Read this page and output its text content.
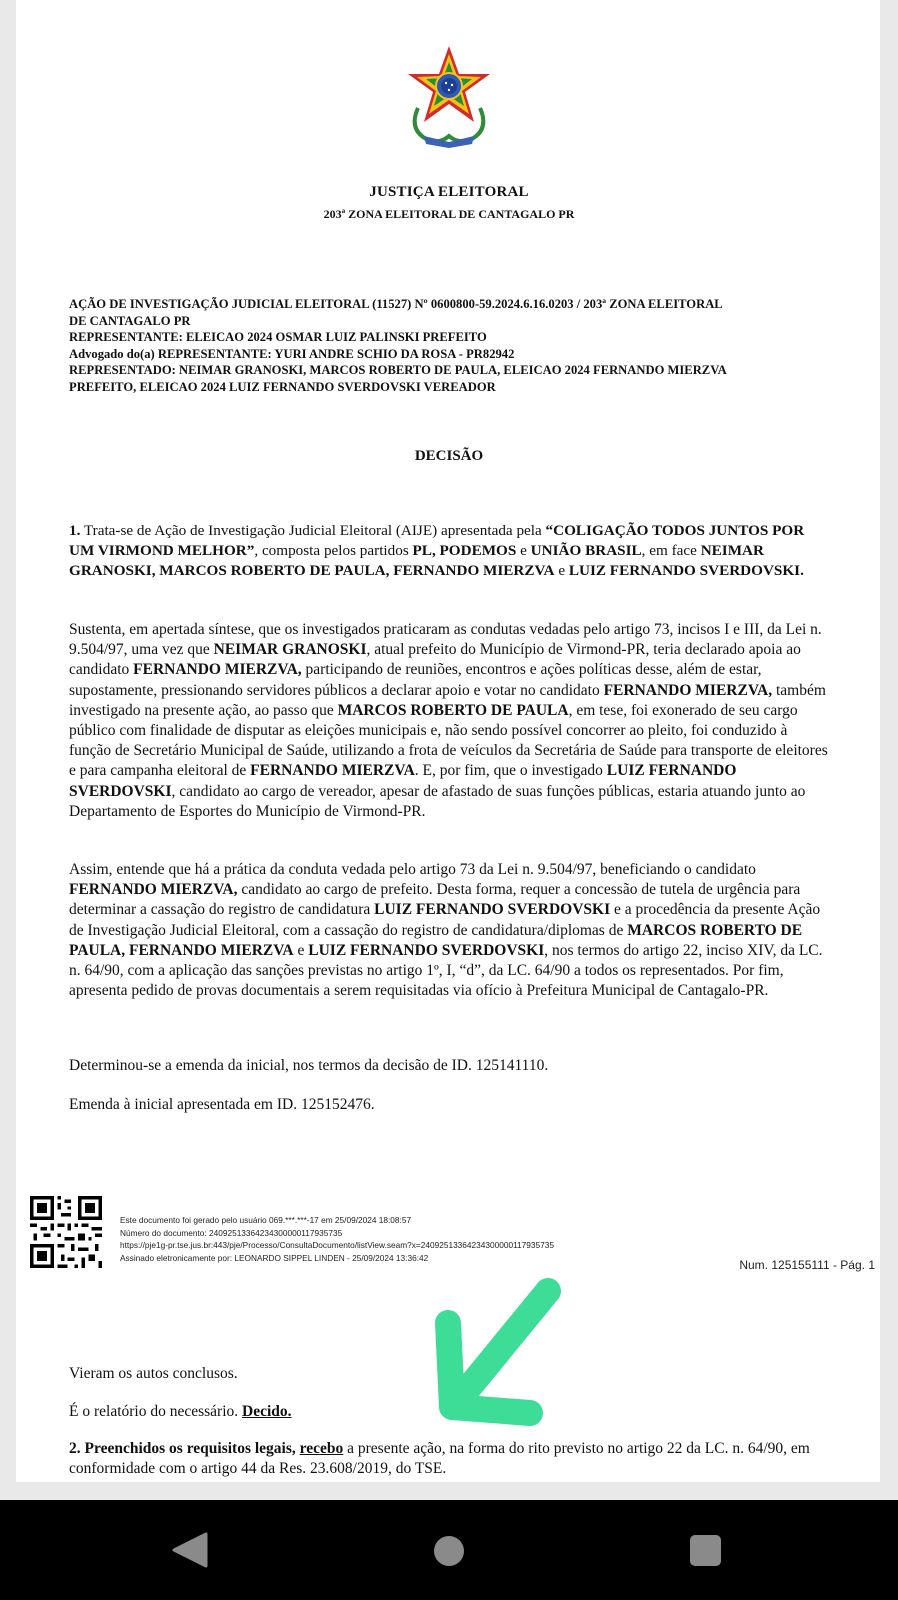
JUSTIÇA ELEITORAL
203ª ZONA ELEITORAL DE CANTAGALO PR
AÇÃO DE INVESTIGAÇÃO JUDICIAL ELEITORAL (11527) Nº 0600800-59.2024.6.16.0203 / 203ª ZONA ELEITORAL
DE CANTAGALO PR
REPRESENTANTE: ELEICAO 2024 OSMAR LUIZ PALINSKI PREFEITO
Advogado do(a) REPRESENTANTE: YURI ANDRE SCHIO DA ROSA - PR82942
REPRESENTADO: NEIMAR GRANOSKI, MARCOS ROBERTO DE PAULA, ELEICAO 2024 FERNANDO MIERZVA
PREFEITO, ELEICAO 2024 LUIZ FERNANDO SVERDOVSKI VEREADOR
DECISÃO

1. Trata-se de Ação de Investigação Judicial Eleitoral (AIJE) apresentada pela “COLIGAÇÃO TODOS JUNTOS POR UM VIRMOND MELHOR”, composta pelos partidos PL, PODEMOS e UNIÃO BRASIL, em face NEIMAR GRANOSKI, MARCOS ROBERTO DE PAULA, FERNANDO MIERZVA e LUIZ FERNANDO SVERDOVSKI.

Sustenta, em apertada síntese, que os investigados praticaram as condutas vedadas pelo artigo 73, incisos I e III, da Lei n. 9.504/97, uma vez que NEIMAR GRANOSKI, atual prefeito do Município de Virmond-PR, teria declarado apoia ao candidato FERNANDO MIERZVA, participando de reuniões, encontros e ações políticas desse, além de estar, supostamente, pressionando servidores públicos a declarar apoio e votar no candidato FERNANDO MIERZVA, também investigado na presente ação, ao passo que MARCOS ROBERTO DE PAULA, em tese, foi exonerado de seu cargo público com finalidade de disputar as eleições municipais e, não sendo possível concorrer ao pleito, foi conduzido à função de Secretário Municipal de Saúde, utilizando a frota de veículos da Secretária de Saúde para transporte de eleitores e para campanha eleitoral de FERNANDO MIERZVA. E, por fim, que o investigado LUIZ FERNANDO SVERDOVSKI, candidato ao cargo de vereador, apesar de afastado de suas funções públicas, estaria atuando junto ao Departamento de Esportes do Município de Virmond-PR.

Assim, entende que há a prática da conduta vedada pelo artigo 73 da Lei n. 9.504/97, beneficiando o candidato FERNANDO MIERZVA, candidato ao cargo de prefeito. Desta forma, requer a concessão de tutela de urgência para determinar a cassação do registro de candidatura LUIZ FERNANDO SVERDOVSKI e a procedência da presente Ação de Investigação Judicial Eleitoral, com a cassação do registro de candidatura/diplomas de MARCOS ROBERTO DE PAULA, FERNANDO MIERZVA e LUIZ FERNANDO SVERDOVSKI, nos termos do artigo 22, inciso XIV, da LC. n. 64/90, com a aplicação das sanções previstas no artigo 1º, I, “d”, da LC. 64/90 a todos os representados. Por fim, apresenta pedido de provas documentais a serem requisitadas via ofício à Prefeitura Municipal de Cantagalo-PR.

Determinou-se a emenda da inicial, nos termos da decisão de ID. 125141110.

Emenda à inicial apresentada em ID. 125152476.

Este documento foi gerado pelo usuário 069.***.***-17 em 25/09/2024 18:08:57
Número do documento: 24092513364234300000117935735
https://pje1g-pr.tse.jus.br:443/pje/Processo/ConsultaDocumento/listView.seam?x=24092513364234300000117935735
Assinado eletronicamente por: LEONARDO SIPPEL LINDEN - 25/09/2024 13:36:42
Num. 125155111 - Pág. 1

Vieram os autos conclusos.

É o relatório do necessário. Decido.

2. Preenchidos os requisitos legais, recebo a presente ação, na forma do rito previsto no artigo 22 da LC. n. 64/90, em conformidade com o artigo 44 da Res. 23.608/2019, do TSE.
